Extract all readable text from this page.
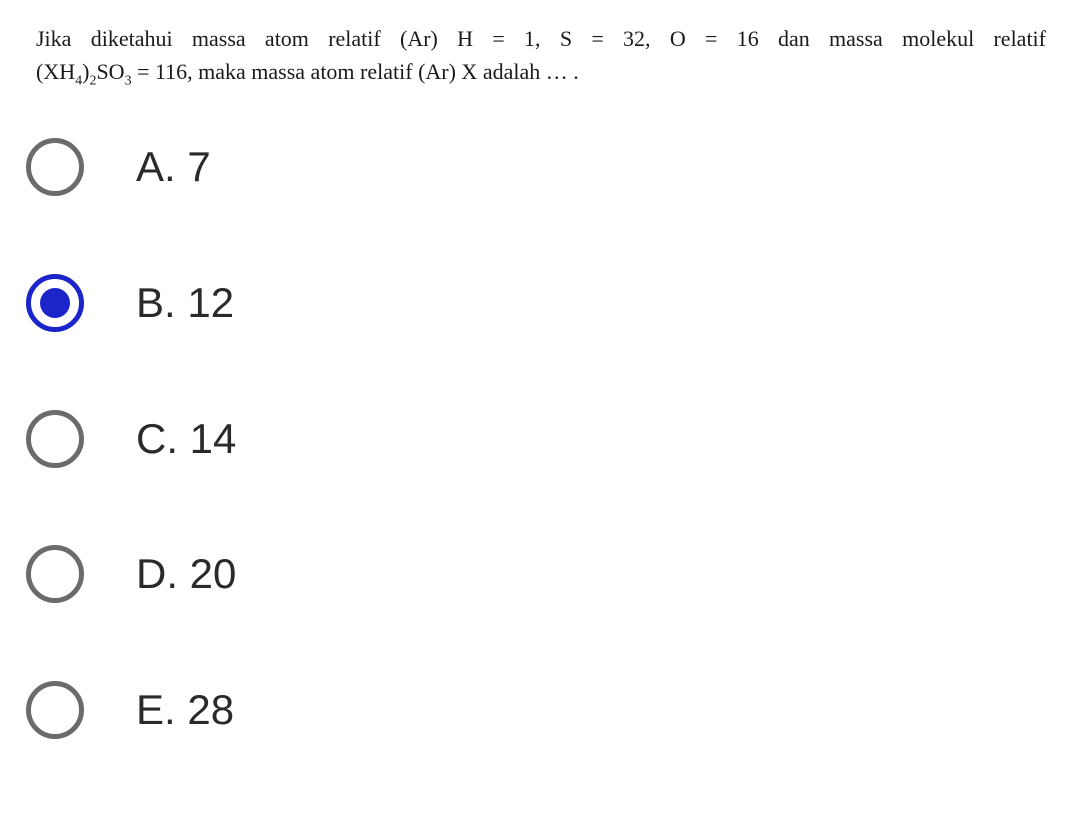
Jika diketahui massa atom relatif (Ar) H = 1, S = 32, O = 16 dan massa molekul relatif
$(XH_4)_2SO_3 = 116$, maka massa atom relatif (Ar) X adalah … .
A. 7
B. 12
C. 14
D. 20
E. 28
